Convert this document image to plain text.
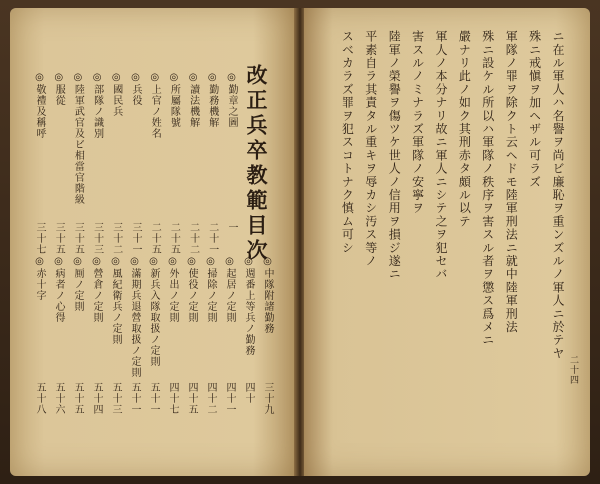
改正兵卒教範目次
◎勤章之圖
一
◎勤務機解
二十一
◎讀法機解
二十二
◎所屬隊號
二十五
◎上官ノ姓名
二十五
◎兵役
三十一
◎國民兵
三十二
◎部隊ノ識別
三十三
◎陸軍武官及ビ相當官階級
三十五
◎服從
三十五
◎敬禮及稱呼
三十七
◎中隊附諸勤務
三十九
◎週番上等兵ノ勤務
四十
◎起居ノ定則
四十一
◎掃除ノ定則
四十二
◎使役ノ定則
四十五
◎外出ノ定則
四十七
◎新兵入隊取扱ノ定則
五十一
◎滿期兵退營取扱ノ定則
五十一
◎風紀衛兵ノ定則
五十三
◎營倉ノ定則
五十四
◎厠ノ定則
五十五
◎病者ノ心得
五十六
◎赤十字
五十八
二十四
ニ在ル軍人ハ名譽ヲ尚ビ廉恥ヲ重ンズルノ軍人ニ於テヤ
殊ニ戒愼ヲ加ヘザル可ラズ
軍隊ノ罪ヲ除クト云ヘドモ陸軍刑法ニ就中陸軍刑法
殊ニ設ケル所以ハ軍隊ノ秩序ヲ害スル者ヲ懲ス爲メニ
嚴ナリ此ノ如ク其刑赤タ頗ル以テ
軍人ノ本分ナリ故ニ軍人ニシテ之ヲ犯セバ
害スルノミナラズ軍隊ノ安寧ヲ
陸軍ノ榮譽ヲ傷ツケ世人ノ信用ヲ損ジ遂ニ
平素自ラ其責タル重キヲ辱カシ汚ス等ノ
スベカラズ罪ヲ犯スコトナク慎ム可シ
